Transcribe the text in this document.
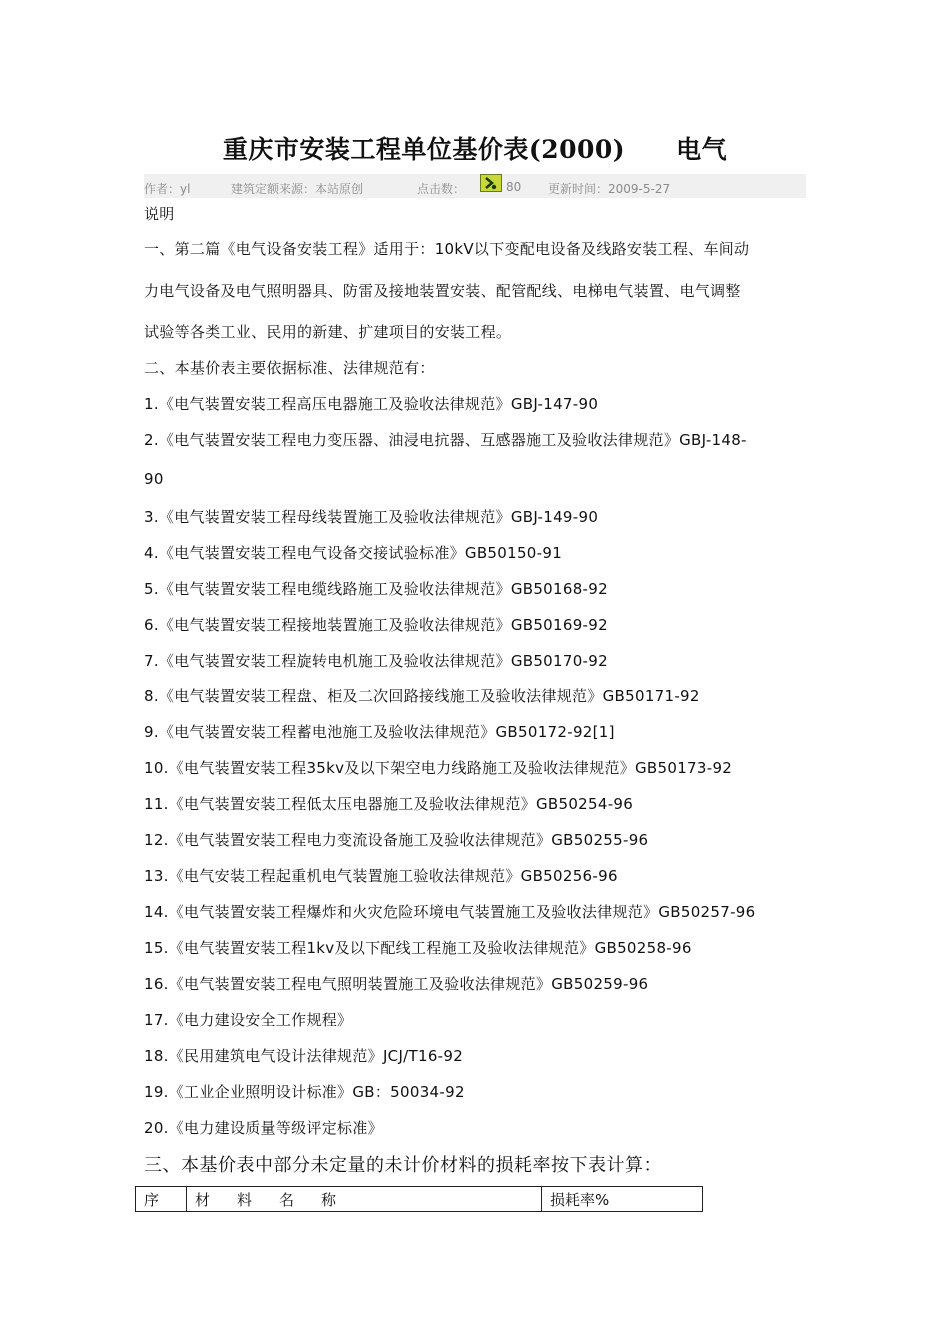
重庆市安装工程单位基价表(2000)　　电气
作者：yl	建筑定额来源：本站原创	点击数：	80 更新时间：2009-5-27
说明
一、第二篇《电气设备安装工程》适用于：10kV以下变配电设备及线路安装工程、车间动
力电气设备及电气照明器具、防雷及接地装置安装、配管配线、电梯电气装置、电气调整
试验等各类工业、民用的新建、扩建项目的安装工程。
二、本基价表主要依据标准、法律规范有：
1.《电气装置安装工程高压电器施工及验收法律规范》GBJ-147-90
2.《电气装置安装工程电力变压器、油浸电抗器、互感器施工及验收法律规范》GBJ-148-
90
3.《电气装置安装工程母线装置施工及验收法律规范》GBJ-149-90
4.《电气装置安装工程电气设备交接试验标准》GB50150-91
5.《电气装置安装工程电缆线路施工及验收法律规范》GB50168-92
6.《电气装置安装工程接地装置施工及验收法律规范》GB50169-92
7.《电气装置安装工程旋转电机施工及验收法律规范》GB50170-92
8.《电气装置安装工程盘、柜及二次回路接线施工及验收法律规范》GB50171-92
9.《电气装置安装工程蓄电池施工及验收法律规范》GB50172-92[1]
10.《电气装置安装工程35kv及以下架空电力线路施工及验收法律规范》GB50173-92
11.《电气装置安装工程低太压电器施工及验收法律规范》GB50254-96
12.《电气装置安装工程电力变流设备施工及验收法律规范》GB50255-96
13.《电气安装工程起重机电气装置施工验收法律规范》GB50256-96
14.《电气装置安装工程爆炸和火灾危险环境电气装置施工及验收法律规范》GB50257-96
15.《电气装置安装工程1kv及以下配线工程施工及验收法律规范》GB50258-96
16.《电气装置安装工程电气照明装置施工及验收法律规范》GB50259-96
17.《电力建设安全工作规程》
18.《民用建筑电气设计法律规范》JCJ/T16-92
19.《工业企业照明设计标准》GB：50034-92
20.《电力建设质量等级评定标准》
三、本基价表中部分未定量的未计价材料的损耗率按下表计算：
序	材料名称	损耗率%
